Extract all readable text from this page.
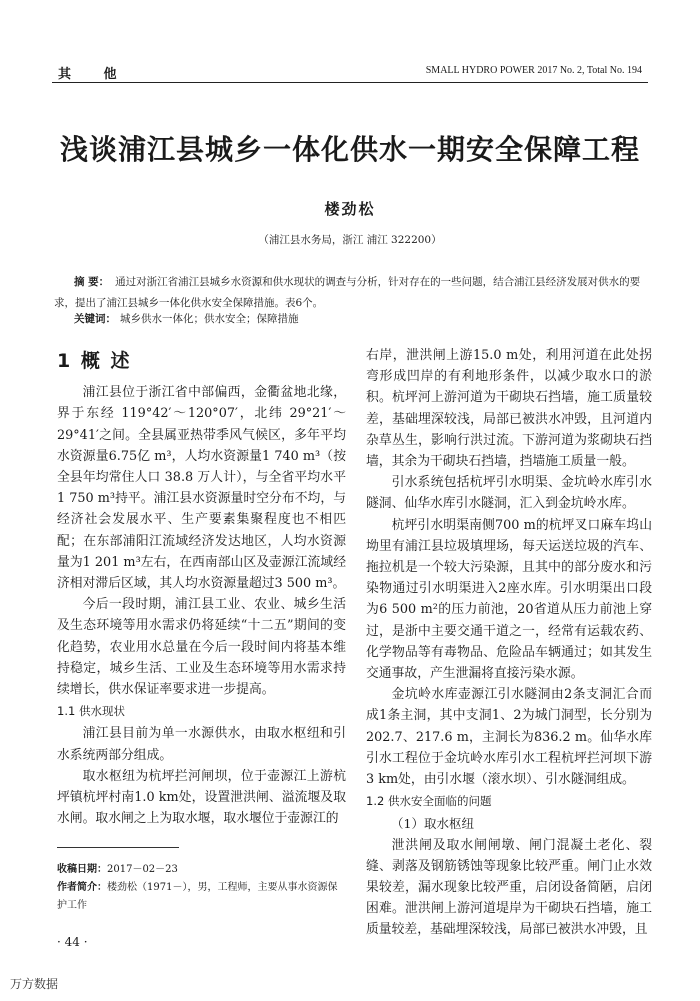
其 他	SMALL HYDRO POWER 2017 No. 2, Total No. 194
浅谈浦江县城乡一体化供水一期安全保障工程
楼劲松
（浦江县水务局，浙江 浦江 322200）
摘 要： 通过对浙江省浦江县城乡水资源和供水现状的调查与分析，针对存在的一些问题，结合浦江县经济发展对供水的要求，提出了浦江县城乡一体化供水安全保障措施。表6个。
关键词： 城乡供水一体化；供水安全；保障措施
1 概 述

浦江县位于浙江省中部偏西，金衢盆地北缘，界于东经 119°42′～120°07′，北纬 29°21′～29°41′之间。全县属亚热带季风气候区，多年平均水资源量6.75亿 m³，人均水资源量1 740 m³（按全县年均常住人口 38.8 万人计），与全省平均水平1 750 m³持平。浦江县水资源量时空分布不均，与经济社会发展水平、生产要素集聚程度也不相匹配；在东部浦阳江流域经济发达地区，人均水资源量为1 201 m³左右，在西南部山区及壶源江流域经济相对滞后区域，其人均水资源量超过3 500 m³。

今后一段时期，浦江县工业、农业、城乡生活及生态环境等用水需求仍将延续“十二五”期间的变化趋势，农业用水总量在今后一段时间内将基本维持稳定，城乡生活、工业及生态环境等用水需求持续增长，供水保证率要求进一步提高。

1.1 供水现状

浦江县目前为单一水源供水，由取水枢纽和引水系统两部分组成。

取水枢纽为杭坪拦河闸坝，位于壶源江上游杭坪镇杭坪村南1.0 km处，设置泄洪闸、溢流堰及取水闸。取水闸之上为取水堰，取水堰位于壶源江的

右岸，泄洪闸上游15.0 m处，利用河道在此处拐弯形成凹岸的有利地形条件，以减少取水口的淤积。杭坪河上游河道为干砌块石挡墙，施工质量较差，基础埋深较浅，局部已被洪水冲毁，且河道内杂草丛生，影响行洪过流。下游河道为浆砌块石挡墙，其余为干砌块石挡墙，挡墙施工质量一般。

引水系统包括杭坪引水明渠、金坑岭水库引水隧洞、仙华水库引水隧洞，汇入到金坑岭水库。

杭坪引水明渠南侧700 m的杭坪叉口麻车坞山坳里有浦江县垃圾填埋场，每天运送垃圾的汽车、拖拉机是一个较大污染源，且其中的部分废水和污染物通过引水明渠进入2座水库。引水明渠出口段为6 500 m²的压力前池，20省道从压力前池上穿过，是浙中主要交通干道之一，经常有运载农药、化学物品等有毒物品、危险品车辆通过；如其发生交通事故，产生泄漏将直接污染水源。

金坑岭水库壶源江引水隧洞由2条支洞汇合而成1条主洞，其中支洞1、2为城门洞型，长分别为202.7、217.6 m，主洞长为836.2 m。仙华水库引水工程位于金坑岭水库引水工程杭坪拦河坝下游3 km处，由引水堰（滚水坝）、引水隧洞组成。

1.2 供水安全面临的问题
（1）取水枢纽

泄洪闸及取水闸闸墩、闸门混凝土老化、裂缝、剥落及钢筋锈蚀等现象比较严重。闸门止水效果较差，漏水现象比较严重，启闭设备简陋，启闭困难。泄洪闸上游河道堤岸为干砌块石挡墙，施工质量较差，基础埋深较浅，局部已被洪水冲毁，且

收稿日期：2017－02－23
作者简介：楼劲松（1971－），男，工程师，主要从事水资源保护工作
· 44 ·
万方数据
